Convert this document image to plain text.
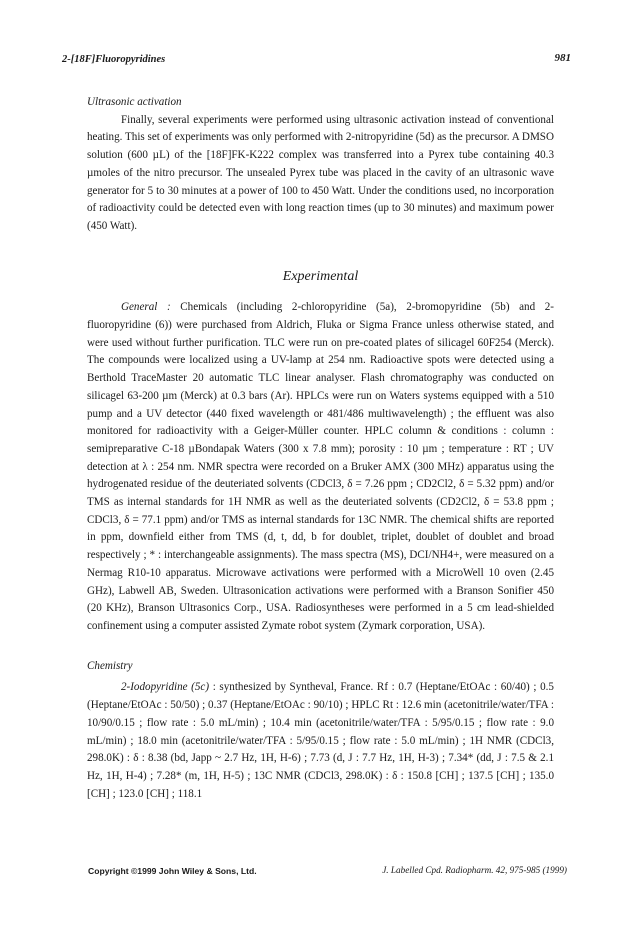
2-[18F]Fluoropyridines	981

Ultrasonic activation

Finally, several experiments were performed using ultrasonic activation instead of conventional heating. This set of experiments was only performed with 2-nitropyridine (5d) as the precursor. A DMSO solution (600 µL) of the [18F]FK-K222 complex was transferred into a Pyrex tube containing 40.3 µmoles of the nitro precursor. The unsealed Pyrex tube was placed in the cavity of an ultrasonic wave generator for 5 to 30 minutes at a power of 100 to 450 Watt. Under the conditions used, no incorporation of radioactivity could be detected even with long reaction times (up to 30 minutes) and maximum power (450 Watt).

Experimental

General : Chemicals (including 2-chloropyridine (5a), 2-bromopyridine (5b) and 2-fluoropyridine (6)) were purchased from Aldrich, Fluka or Sigma France unless otherwise stated, and were used without further purification. TLC were run on pre-coated plates of silicagel 60F254 (Merck). The compounds were localized using a UV-lamp at 254 nm. Radioactive spots were detected using a Berthold TraceMaster 20 automatic TLC linear analyser. Flash chromatography was conducted on silicagel 63-200 µm (Merck) at 0.3 bars (Ar). HPLCs were run on Waters systems equipped with a 510 pump and a UV detector (440 fixed wavelength or 481/486 multiwavelength) ; the effluent was also monitored for radioactivity with a Geiger-Müller counter. HPLC column & conditions : column : semipreparative C-18 µBondapak Waters (300 x 7.8 mm); porosity : 10 µm ; temperature : RT ; UV detection at λ : 254 nm. NMR spectra were recorded on a Bruker AMX (300 MHz) apparatus using the hydrogenated residue of the deuteriated solvents (CDCl3, δ = 7.26 ppm ; CD2Cl2, δ = 5.32 ppm) and/or TMS as internal standards for 1H NMR as well as the deuteriated solvents (CD2Cl2, δ = 53.8 ppm ; CDCl3, δ = 77.1 ppm) and/or TMS as internal standards for 13C NMR. The chemical shifts are reported in ppm, downfield either from TMS (d, t, dd, b for doublet, triplet, doublet of doublet and broad respectively ; * : interchangeable assignments). The mass spectra (MS), DCI/NH4+, were measured on a Nermag R10-10 apparatus. Microwave activations were performed with a MicroWell 10 oven (2.45 GHz), Labwell AB, Sweden. Ultrasonication activations were performed with a Branson Sonifier 450 (20 KHz), Branson Ultrasonics Corp., USA. Radiosyntheses were performed in a 5 cm lead-shielded confinement using a computer assisted Zymate robot system (Zymark corporation, USA).

Chemistry

2-Iodopyridine (5c) : synthesized by Syntheval, France. Rf : 0.7 (Heptane/EtOAc : 60/40) ; 0.5 (Heptane/EtOAc : 50/50) ; 0.37 (Heptane/EtOAc : 90/10) ; HPLC Rt : 12.6 min (acetonitrile/water/TFA : 10/90/0.15 ; flow rate : 5.0 mL/min) ; 10.4 min (acetonitrile/water/TFA : 5/95/0.15 ; flow rate : 9.0 mL/min) ; 18.0 min (acetonitrile/water/TFA : 5/95/0.15 ; flow rate : 5.0 mL/min) ; 1H NMR (CDCl3, 298.0K) : δ : 8.38 (bd, Japp ~ 2.7 Hz, 1H, H-6) ; 7.73 (d, J : 7.7 Hz, 1H, H-3) ; 7.34* (dd, J : 7.5 & 2.1 Hz, 1H, H-4) ; 7.28* (m, 1H, H-5) ; 13C NMR (CDCl3, 298.0K) : δ : 150.8 [CH] ; 137.5 [CH] ; 135.0 [CH] ; 123.0 [CH] ; 118.1

Copyright ©1999 John Wiley & Sons, Ltd.	J. Labelled Cpd. Radiopharm. 42, 975-985 (1999)
